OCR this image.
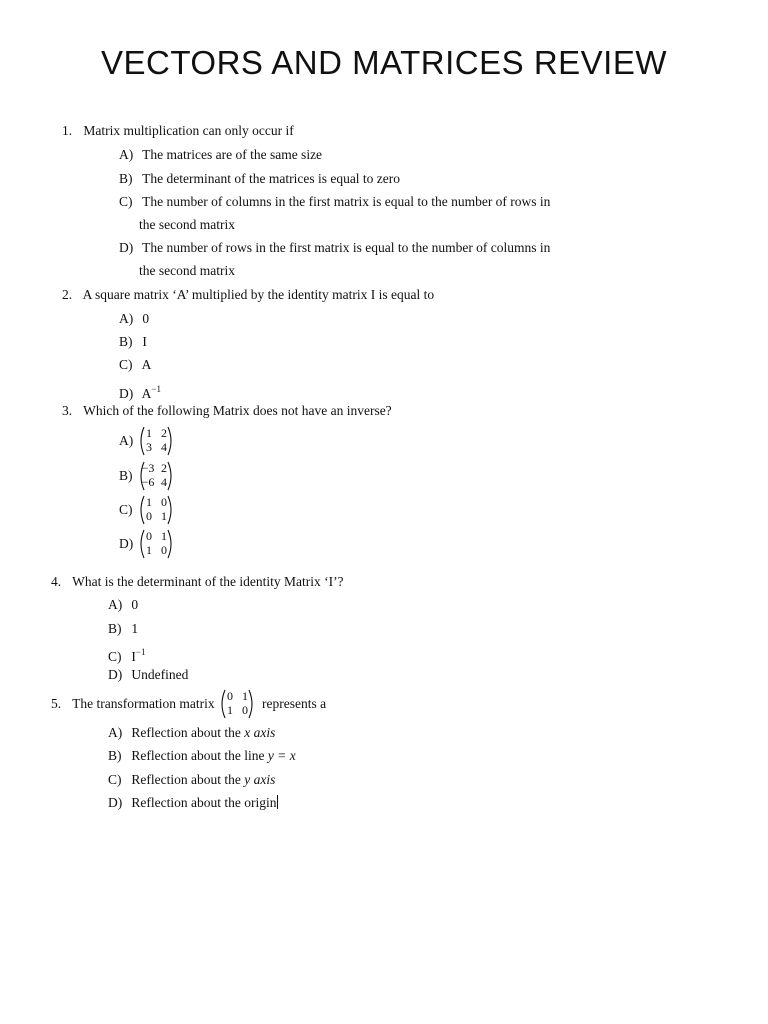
VECTORS AND MATRICES REVIEW
1. Matrix multiplication can only occur if
A) The matrices are of the same size
B) The determinant of the matrices is equal to zero
C) The number of columns in the first matrix is equal to the number of rows in
the second matrix
D) The number of rows in the first matrix is equal to the number of columns in
the second matrix
2. A square matrix ‘A’ multiplied by the identity matrix I is equal to
A) 0
B) I
C) A
D) $A^{-1}$
3. Which of the following Matrix does not have an inverse?
A)	1 2
3 4
B) −3 2
−6 4
C)	1 0
0 1
D)	0 1
1 0
4. What is the determinant of the identity Matrix ‘I’?
A) 0
B) 1
C) $I^{-1}$
D) Undefined
5. The transformation matrix	0 1
1 0 represents a
A) Reflection about the x axis
B) Reflection about the line y = x
C) Reflection about the y axis
D) Reflection about the origin
